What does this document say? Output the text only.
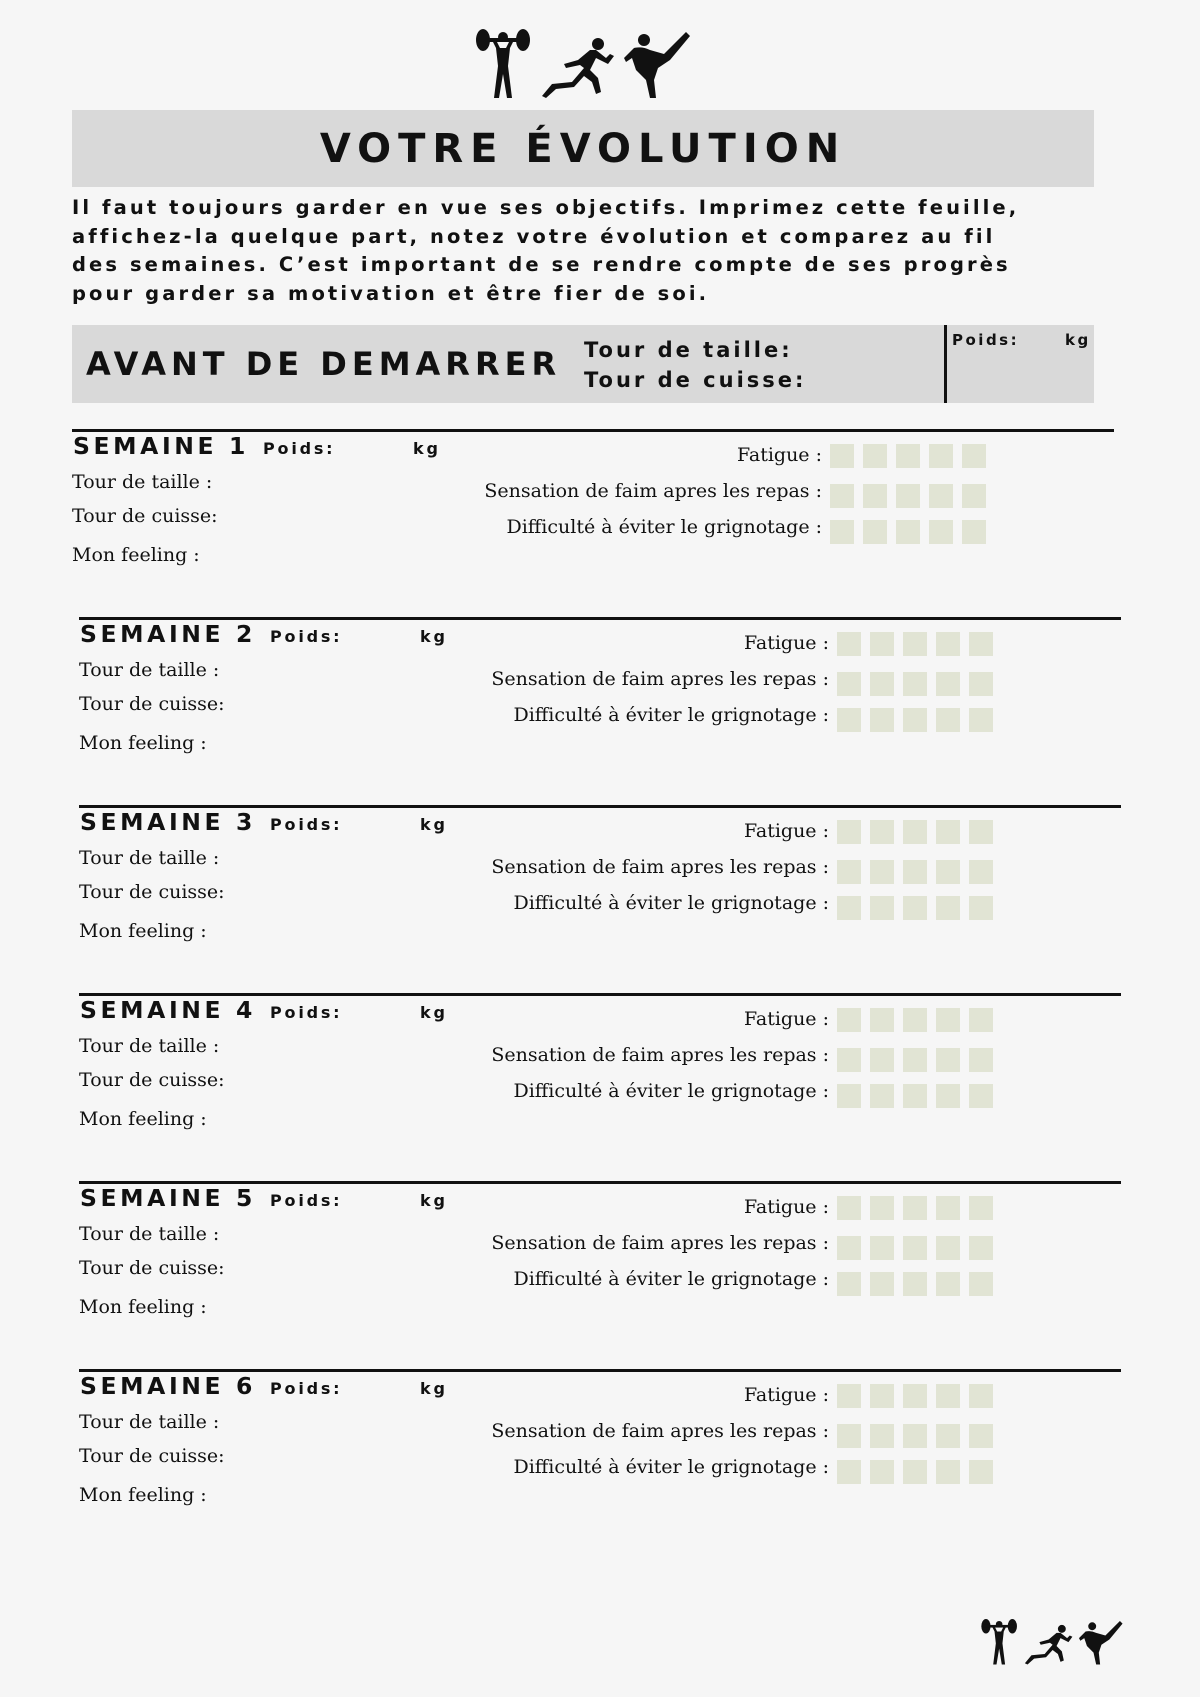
VOTRE ÉVOLUTION
Il faut toujours garder en vue ses objectifs. Imprimez cette feuille,
affichez-la quelque part, notez votre évolution et comparez au fil
des semaines. C’est important de se rendre compte de ses progrès
pour garder sa motivation et être fier de soi.
AVANT DE DEMARRER Tour de taille:
Tour de cuisse:
Poids:	kg
SEMAINE 1 Poids:	kg
Tour de taille :
Tour de cuisse:
Mon feeling :
Fatigue :
Sensation de faim apres les repas :
Difficulté à éviter le grignotage :
SEMAINE 2 Poids:	kg
Tour de taille :
Tour de cuisse:
Mon feeling :
Fatigue :
Sensation de faim apres les repas :
Difficulté à éviter le grignotage :
SEMAINE 3 Poids:	kg
Tour de taille :
Tour de cuisse:
Mon feeling :
Fatigue :
Sensation de faim apres les repas :
Difficulté à éviter le grignotage :
SEMAINE 4 Poids:	kg
Tour de taille :
Tour de cuisse:
Mon feeling :
Fatigue :
Sensation de faim apres les repas :
Difficulté à éviter le grignotage :
SEMAINE 5 Poids:	kg
Tour de taille :
Tour de cuisse:
Mon feeling :
Fatigue :
Sensation de faim apres les repas :
Difficulté à éviter le grignotage :
SEMAINE 6 Poids:	kg
Tour de taille :
Tour de cuisse:
Mon feeling :
Fatigue :
Sensation de faim apres les repas :
Difficulté à éviter le grignotage :
